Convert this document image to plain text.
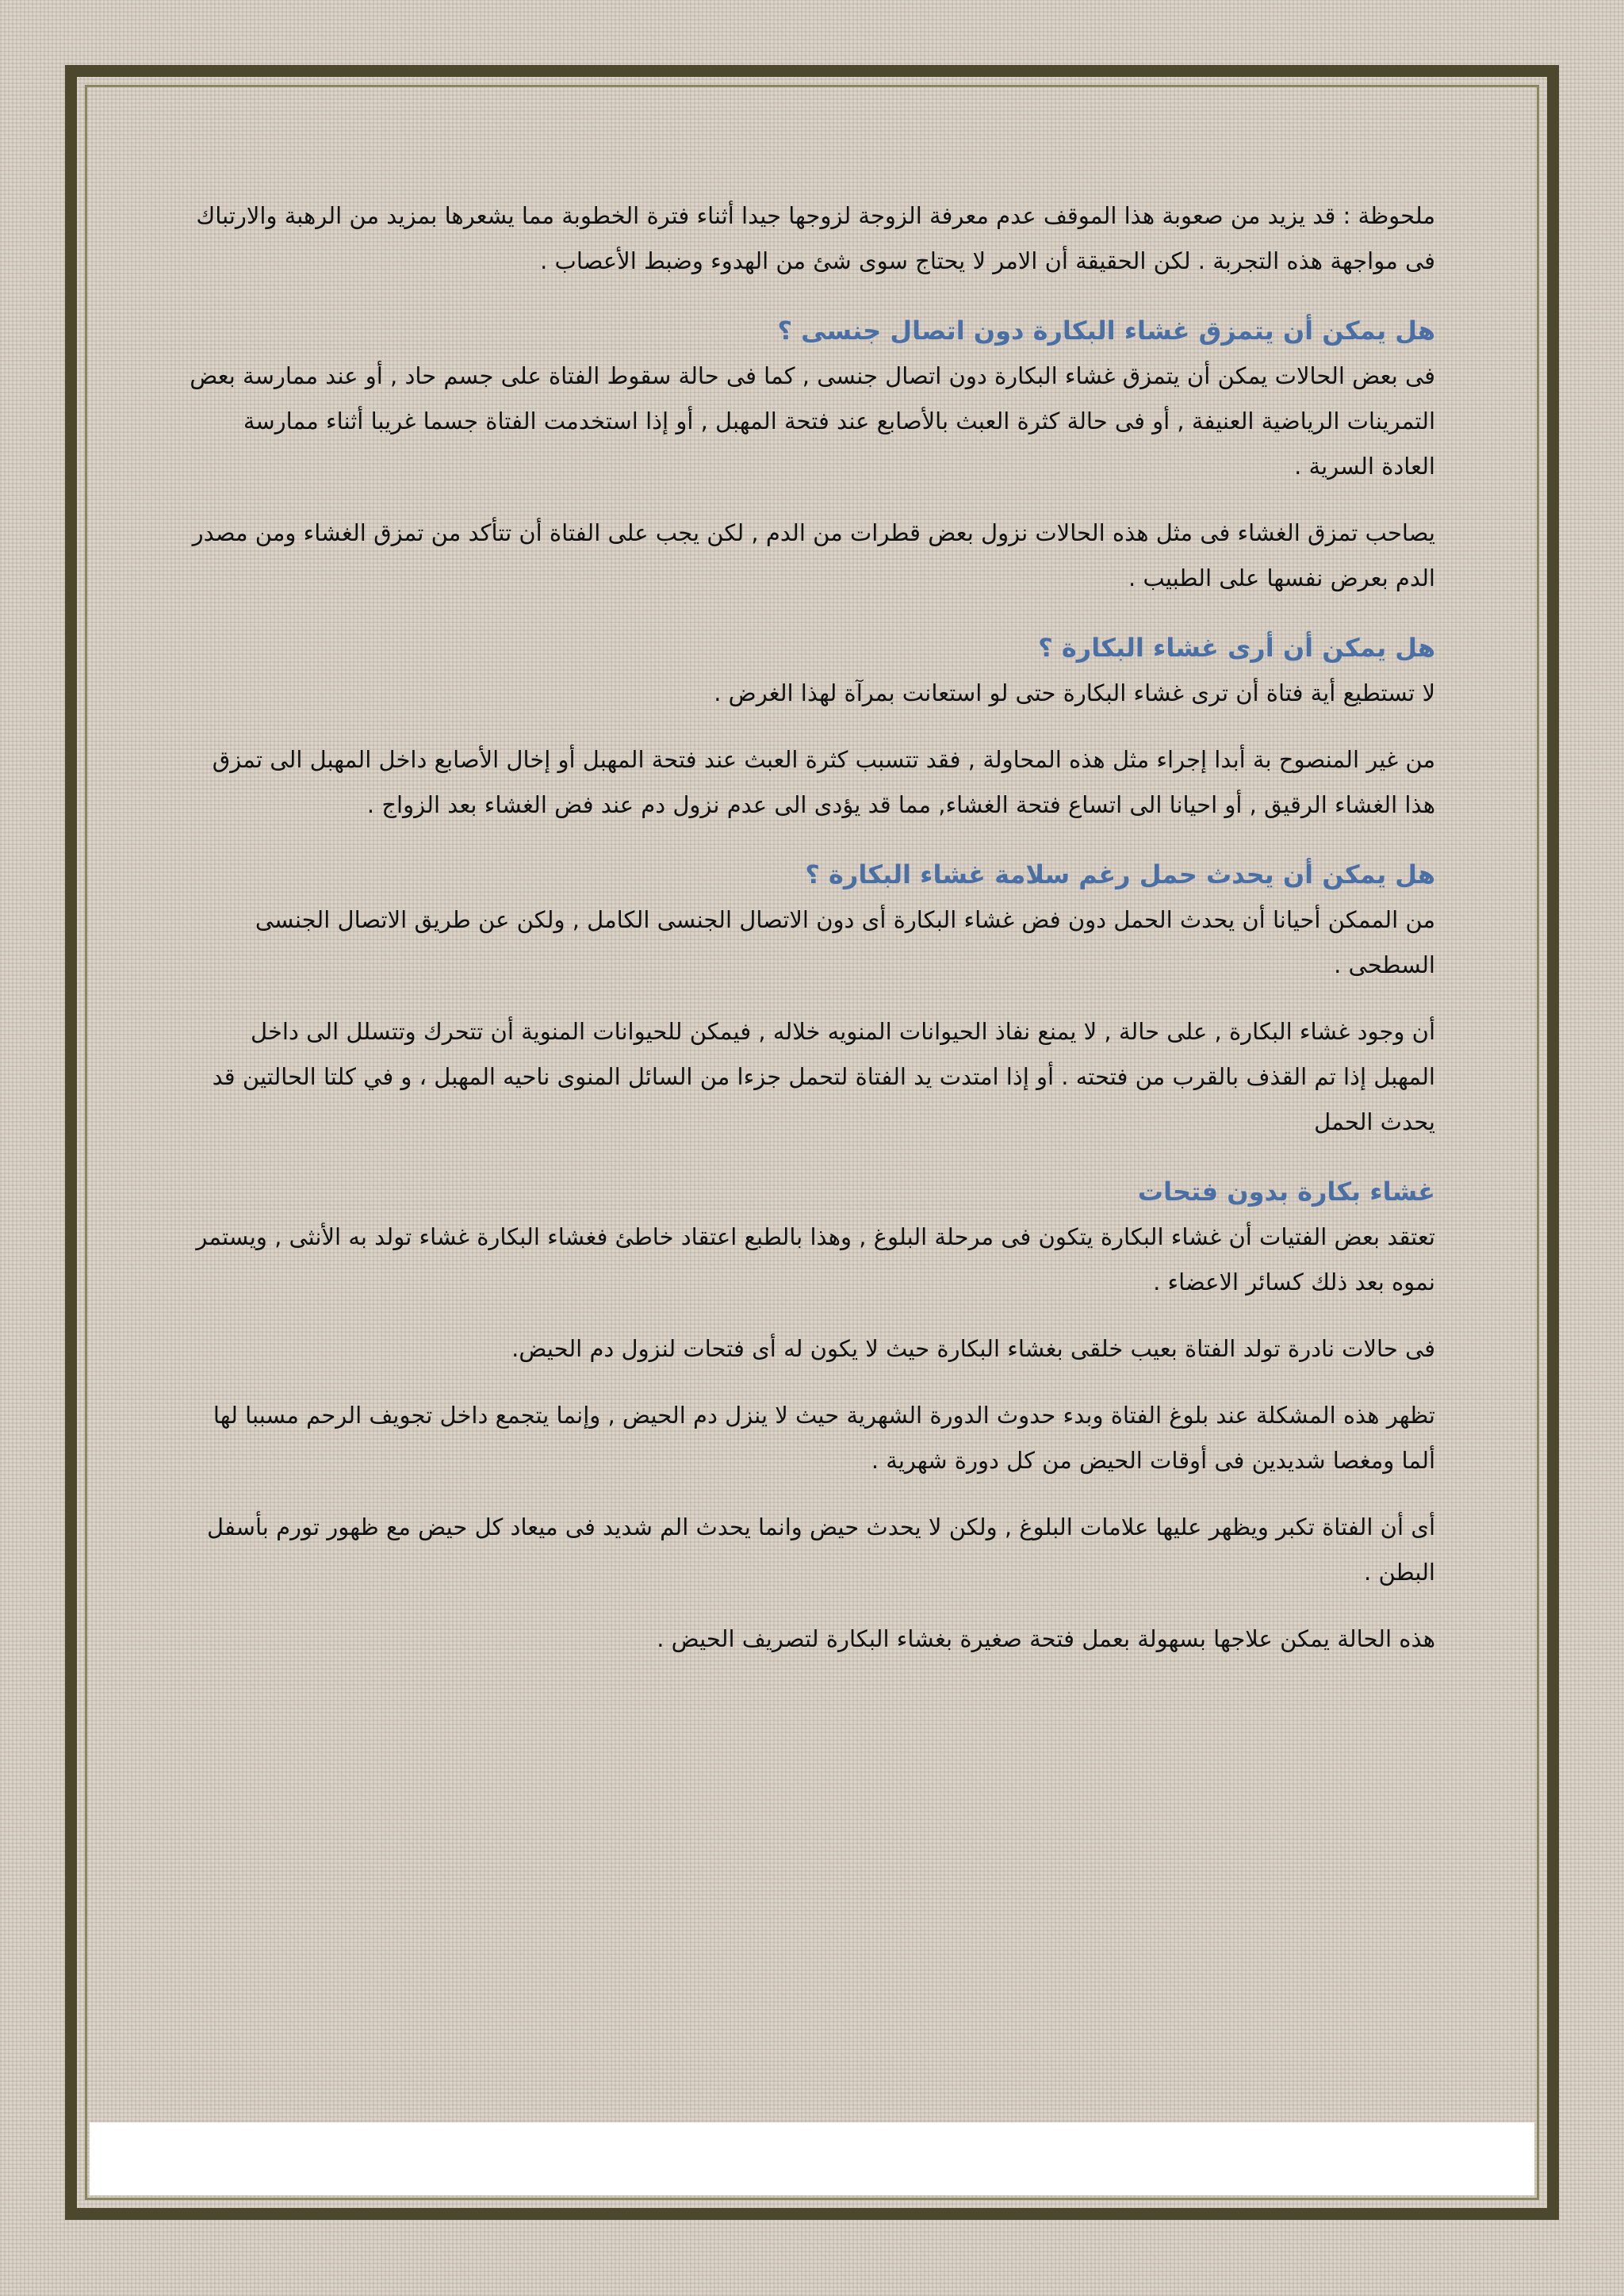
ملحوظة : قد يزيد من صعوبة هذا الموقف عدم معرفة الزوجة لزوجها جيدا أثناء فترة الخطوبة مما يشعرها بمزيد من الرهبة والارتباك فى مواجهة هذه التجربة . لكن الحقيقة أن الامر لا يحتاج سوى شئ من الهدوء وضبط الأعصاب .

هل يمكن أن يتمزق غشاء البكارة دون اتصال جنسى ؟

فى بعض الحالات يمكن أن يتمزق غشاء البكارة دون اتصال جنسى , كما فى حالة سقوط الفتاة على جسم حاد , أو عند ممارسة بعض التمرينات الرياضية العنيفة , أو فى حالة كثرة العبث بالأصابع عند فتحة المهبل , أو إذا استخدمت الفتاة جسما غريبا أثناء ممارسة العادة السرية .

يصاحب تمزق الغشاء فى مثل هذه الحالات نزول بعض قطرات من الدم , لكن يجب على الفتاة أن تتأكد من تمزق الغشاء ومن مصدر الدم بعرض نفسها على الطبيب .

هل يمكن أن أرى غشاء البكارة ؟

لا تستطيع أية فتاة أن ترى غشاء البكارة حتى لو استعانت بمرآة لهذا الغرض .

من غير المنصوح بة أبدا إجراء مثل هذه المحاولة , فقد تتسبب كثرة العبث عند فتحة المهبل أو إخال الأصابع داخل المهبل الى تمزق هذا الغشاء الرقيق , أو احيانا الى اتساع فتحة الغشاء, مما قد يؤدى الى عدم نزول دم عند فض الغشاء بعد الزواج .

هل يمكن أن يحدث حمل رغم سلامة غشاء البكارة ؟

من الممكن أحيانا أن يحدث الحمل دون فض غشاء البكارة أى دون الاتصال الجنسى الكامل , ولكن عن طريق الاتصال الجنسى السطحى .

أن وجود غشاء البكارة , على حالة , لا يمنع نفاذ الحيوانات المنويه خلاله , فيمكن للحيوانات المنوية أن تتحرك وتتسلل الى داخل المهبل إذا تم القذف بالقرب من فتحته . أو إذا امتدت يد الفتاة لتحمل جزءا من السائل المنوى ناحيه المهبل ، و في كلتا الحالتين قد يحدث الحمل

غشاء بكارة بدون فتحات

تعتقد بعض الفتيات أن غشاء البكارة يتكون فى مرحلة البلوغ , وهذا بالطبع اعتقاد خاطئ فغشاء البكارة غشاء تولد به الأنثى , ويستمر نموه بعد ذلك كسائر الاعضاء .

فى حالات نادرة تولد الفتاة بعيب خلقى بغشاء البكارة حيث لا يكون له أى فتحات لنزول دم الحيض.

تظهر هذه المشكلة عند بلوغ الفتاة وبدء حدوث الدورة الشهرية حيث لا ينزل دم الحيض , وإنما يتجمع داخل تجويف الرحم مسببا لها ألما ومغصا شديدين فى أوقات الحيض من كل دورة شهرية .

أى أن الفتاة تكبر ويظهر عليها علامات البلوغ , ولكن لا يحدث حيض وانما يحدث الم شديد فى ميعاد كل حيض مع ظهور تورم بأسفل البطن .

هذه الحالة يمكن علاجها بسهولة بعمل فتحة صغيرة بغشاء البكارة لتصريف الحيض .
